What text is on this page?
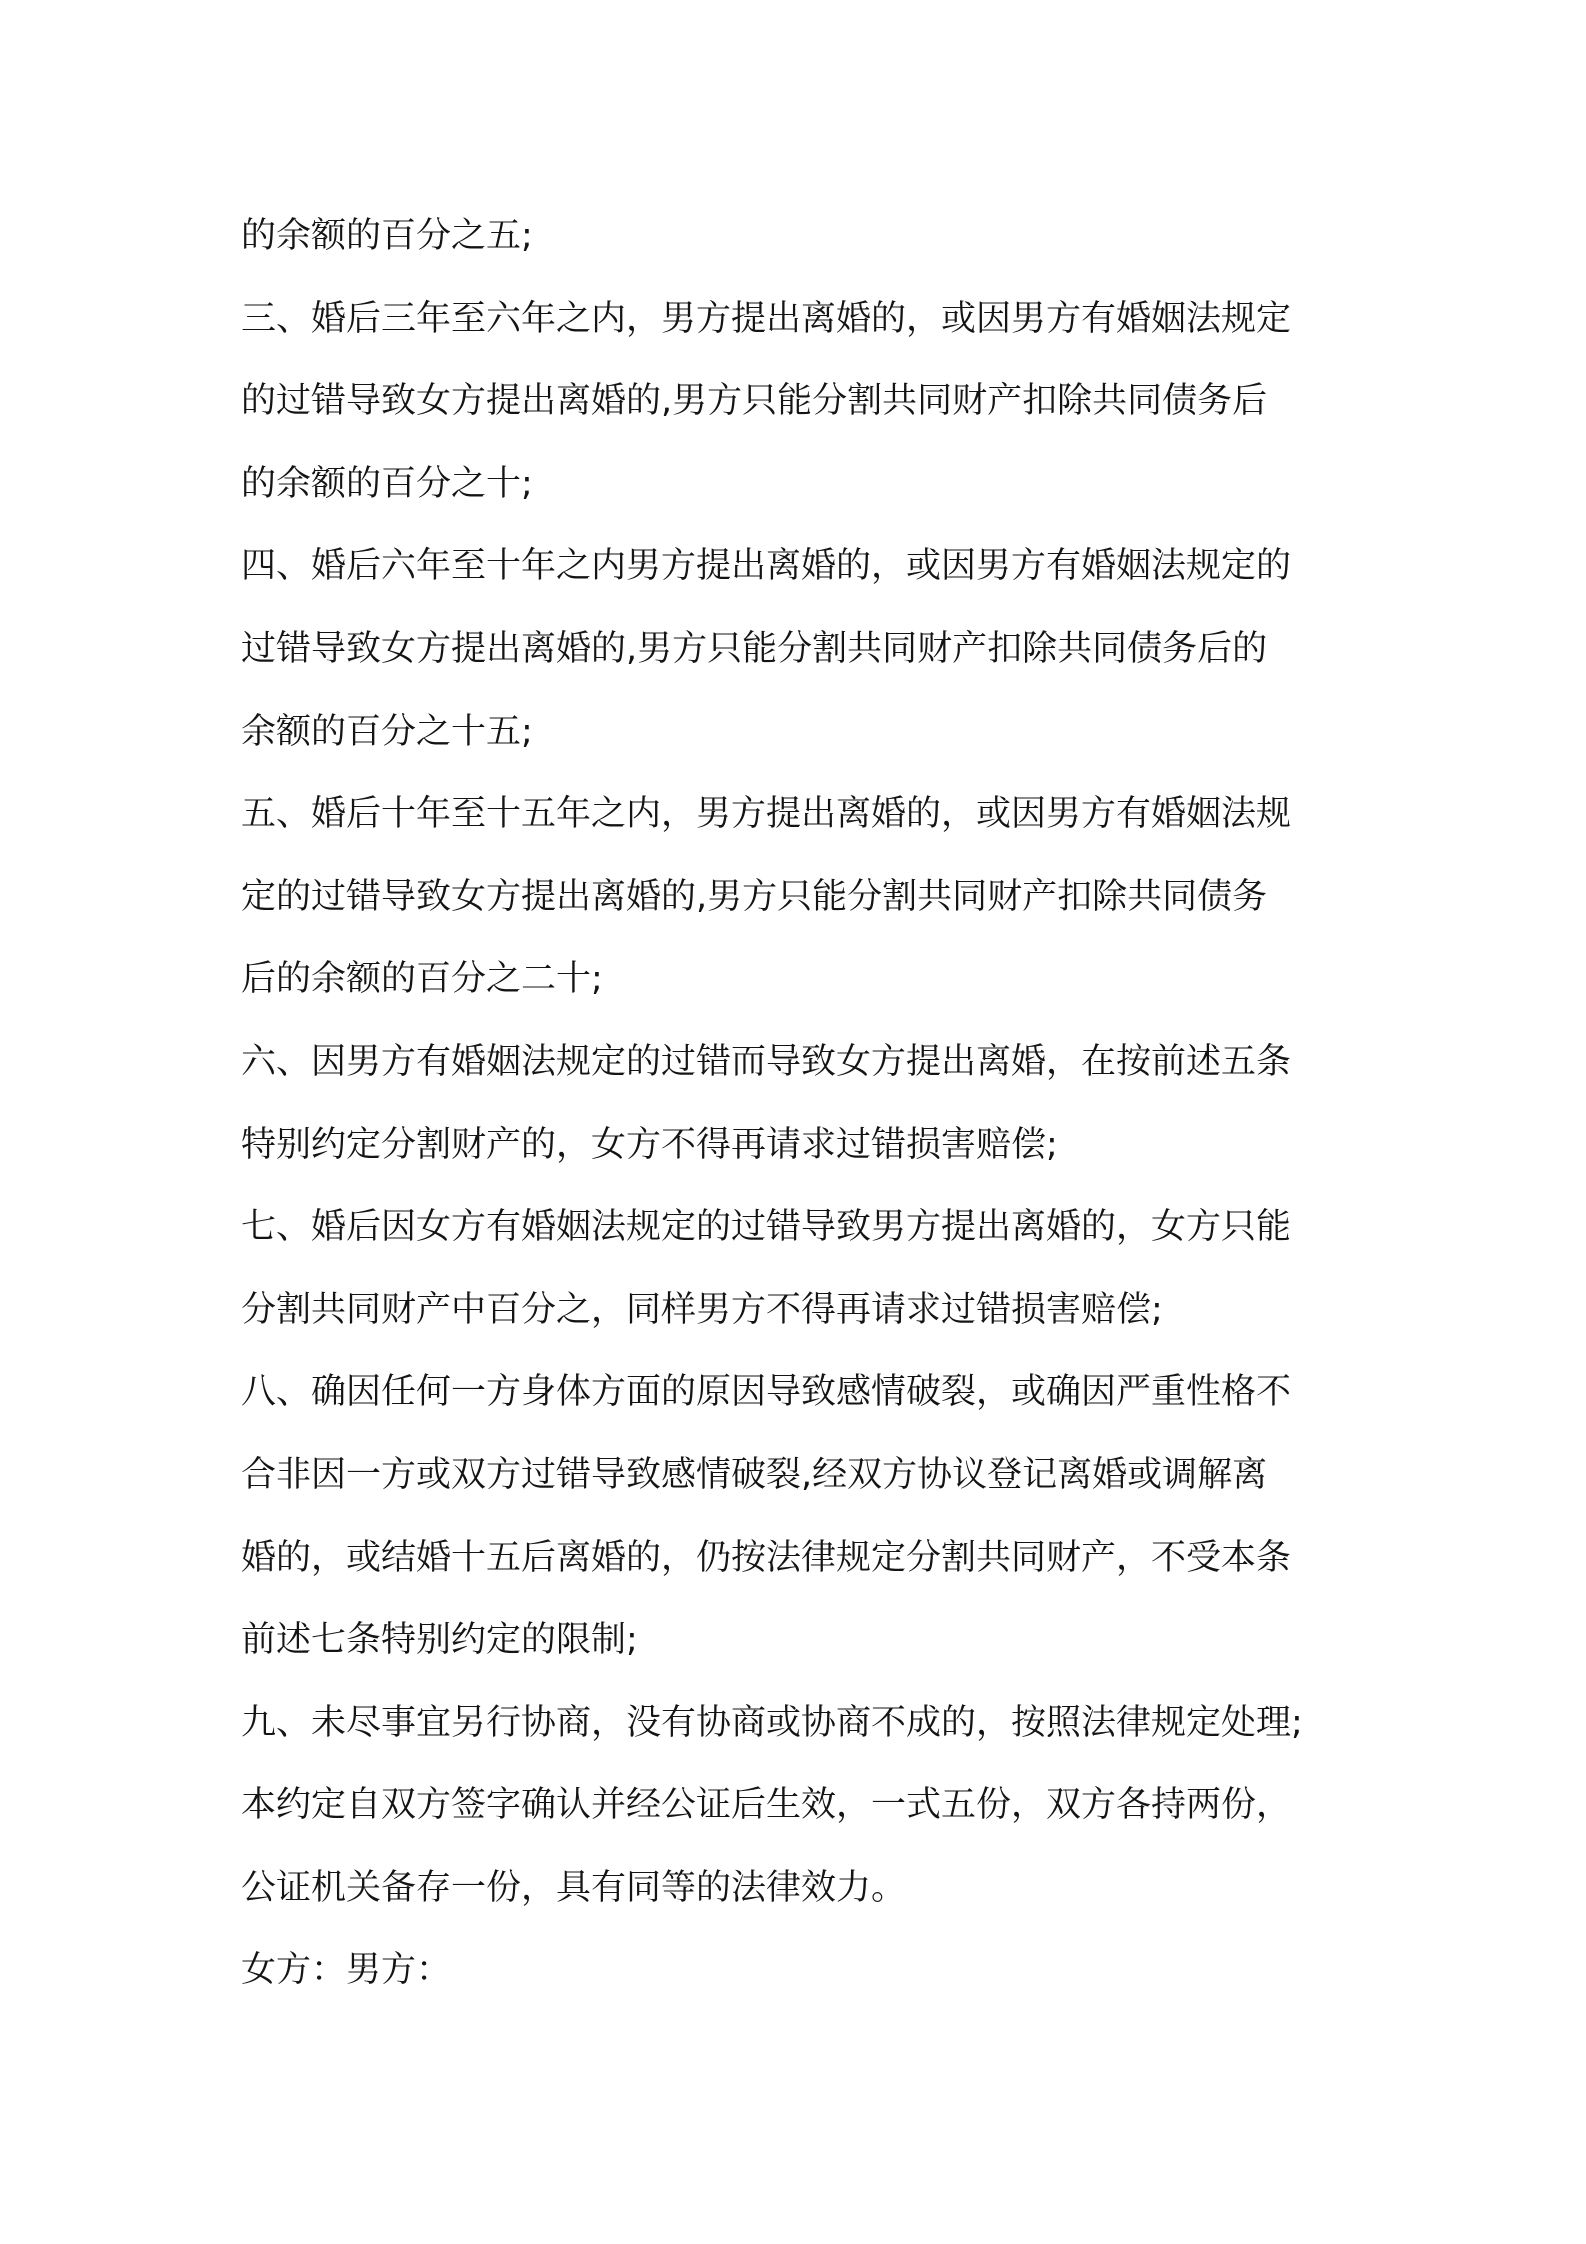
的余额的百分之五;
三、婚后三年至六年之内，男方提出离婚的，或因男方有婚姻法规定
的过错导致女方提出离婚的,男方只能分割共同财产扣除共同债务后
的余额的百分之十;
四、婚后六年至十年之内男方提出离婚的，或因男方有婚姻法规定的
过错导致女方提出离婚的,男方只能分割共同财产扣除共同债务后的
余额的百分之十五;
五、婚后十年至十五年之内，男方提出离婚的，或因男方有婚姻法规
定的过错导致女方提出离婚的,男方只能分割共同财产扣除共同债务
后的余额的百分之二十;
六、因男方有婚姻法规定的过错而导致女方提出离婚，在按前述五条
特别约定分割财产的，女方不得再请求过错损害赔偿;
七、婚后因女方有婚姻法规定的过错导致男方提出离婚的，女方只能
分割共同财产中百分之，同样男方不得再请求过错损害赔偿;
八、确因任何一方身体方面的原因导致感情破裂，或确因严重性格不
合非因一方或双方过错导致感情破裂,经双方协议登记离婚或调解离
婚的，或结婚十五后离婚的，仍按法律规定分割共同财产，不受本条
前述七条特别约定的限制;
九、未尽事宜另行协商，没有协商或协商不成的，按照法律规定处理;
本约定自双方签字确认并经公证后生效，一式五份，双方各持两份，
公证机关备存一份，具有同等的法律效力。
女方：男方：
